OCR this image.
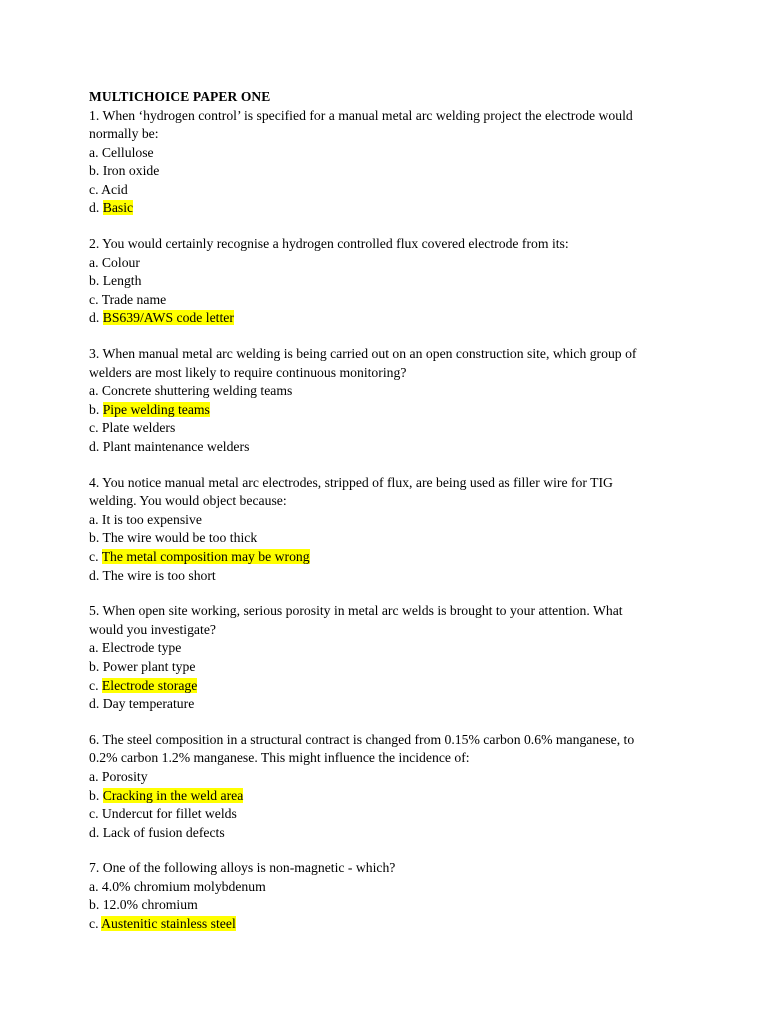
MULTICHOICE PAPER ONE

1. When ‘hydrogen control’ is specified for a manual metal arc welding project the electrode would normally be:

a. Cellulose

b. Iron oxide

c. Acid

d. Basic

2. You would certainly recognise a hydrogen controlled flux covered electrode from its:

a. Colour

b. Length

c. Trade name

d. BS639/AWS code letter

3. When manual metal arc welding is being carried out on an open construction site, which group of welders are most likely to require continuous monitoring?

a. Concrete shuttering welding teams

b. Pipe welding teams

c. Plate welders

d. Plant maintenance welders

4. You notice manual metal arc electrodes, stripped of flux, are being used as filler wire for TIG welding. You would object because:

a. It is too expensive

b. The wire would be too thick

c. The metal composition may be wrong

d. The wire is too short

5. When open site working, serious porosity in metal arc welds is brought to your attention. What would you investigate?

a. Electrode type

b. Power plant type

c. Electrode storage

d. Day temperature

6. The steel composition in a structural contract is changed from 0.15% carbon 0.6% manganese, to 0.2% carbon 1.2% manganese. This might influence the incidence of:

a. Porosity

b. Cracking in the weld area

c. Undercut for fillet welds

d. Lack of fusion defects

7. One of the following alloys is non-magnetic - which?

a. 4.0% chromium molybdenum

b. 12.0% chromium

c. Austenitic stainless steel
